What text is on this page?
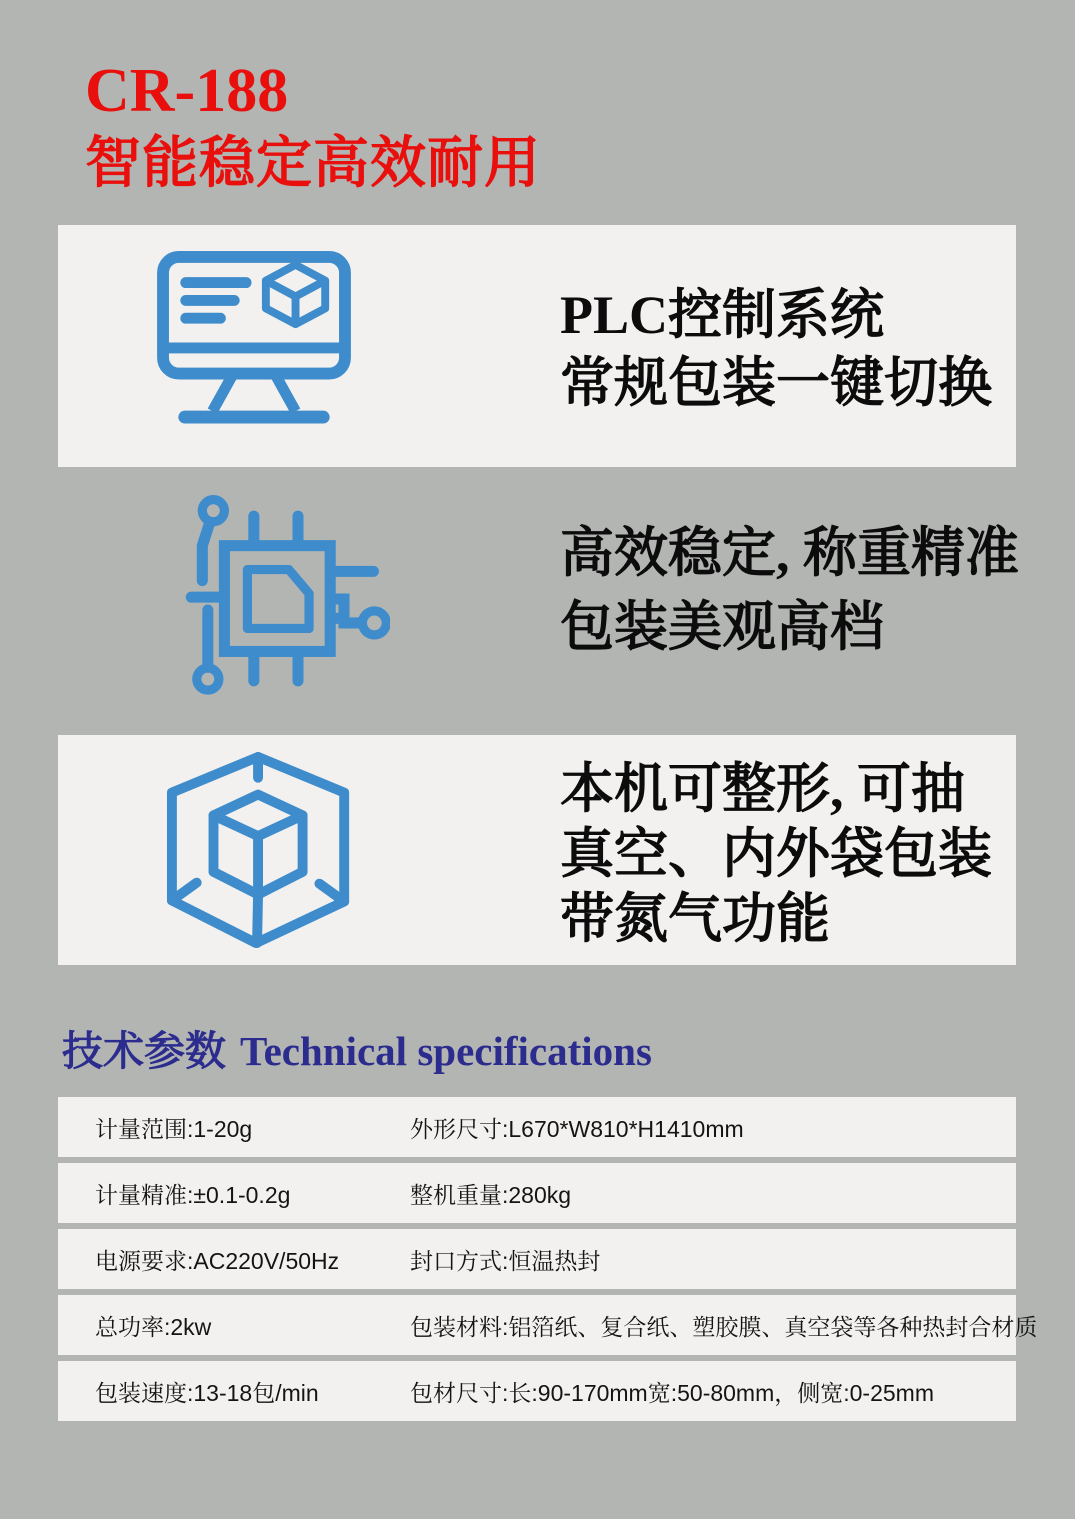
CR-188
智能稳定高效耐用
PLC控制系统
常规包装一键切换
高效稳定, 称重精准
包装美观高档
本机可整形, 可抽
真空、内外袋包装
带氮气功能
技术参数 Technical specifications
计量范围:1-20g	外形尺寸:L670*W810*H1410mm
计量精准:±0.1-0.2g	整机重量:280kg
电源要求:AC220V/50Hz	封口方式:恒温热封
总功率:2kw	包装材料:铝箔纸、复合纸、塑胶膜、真空袋等各种热封合材质
包装速度:13-18包/min	包材尺寸:长:90-170mm宽:50-80mm，侧宽:0-25mm
